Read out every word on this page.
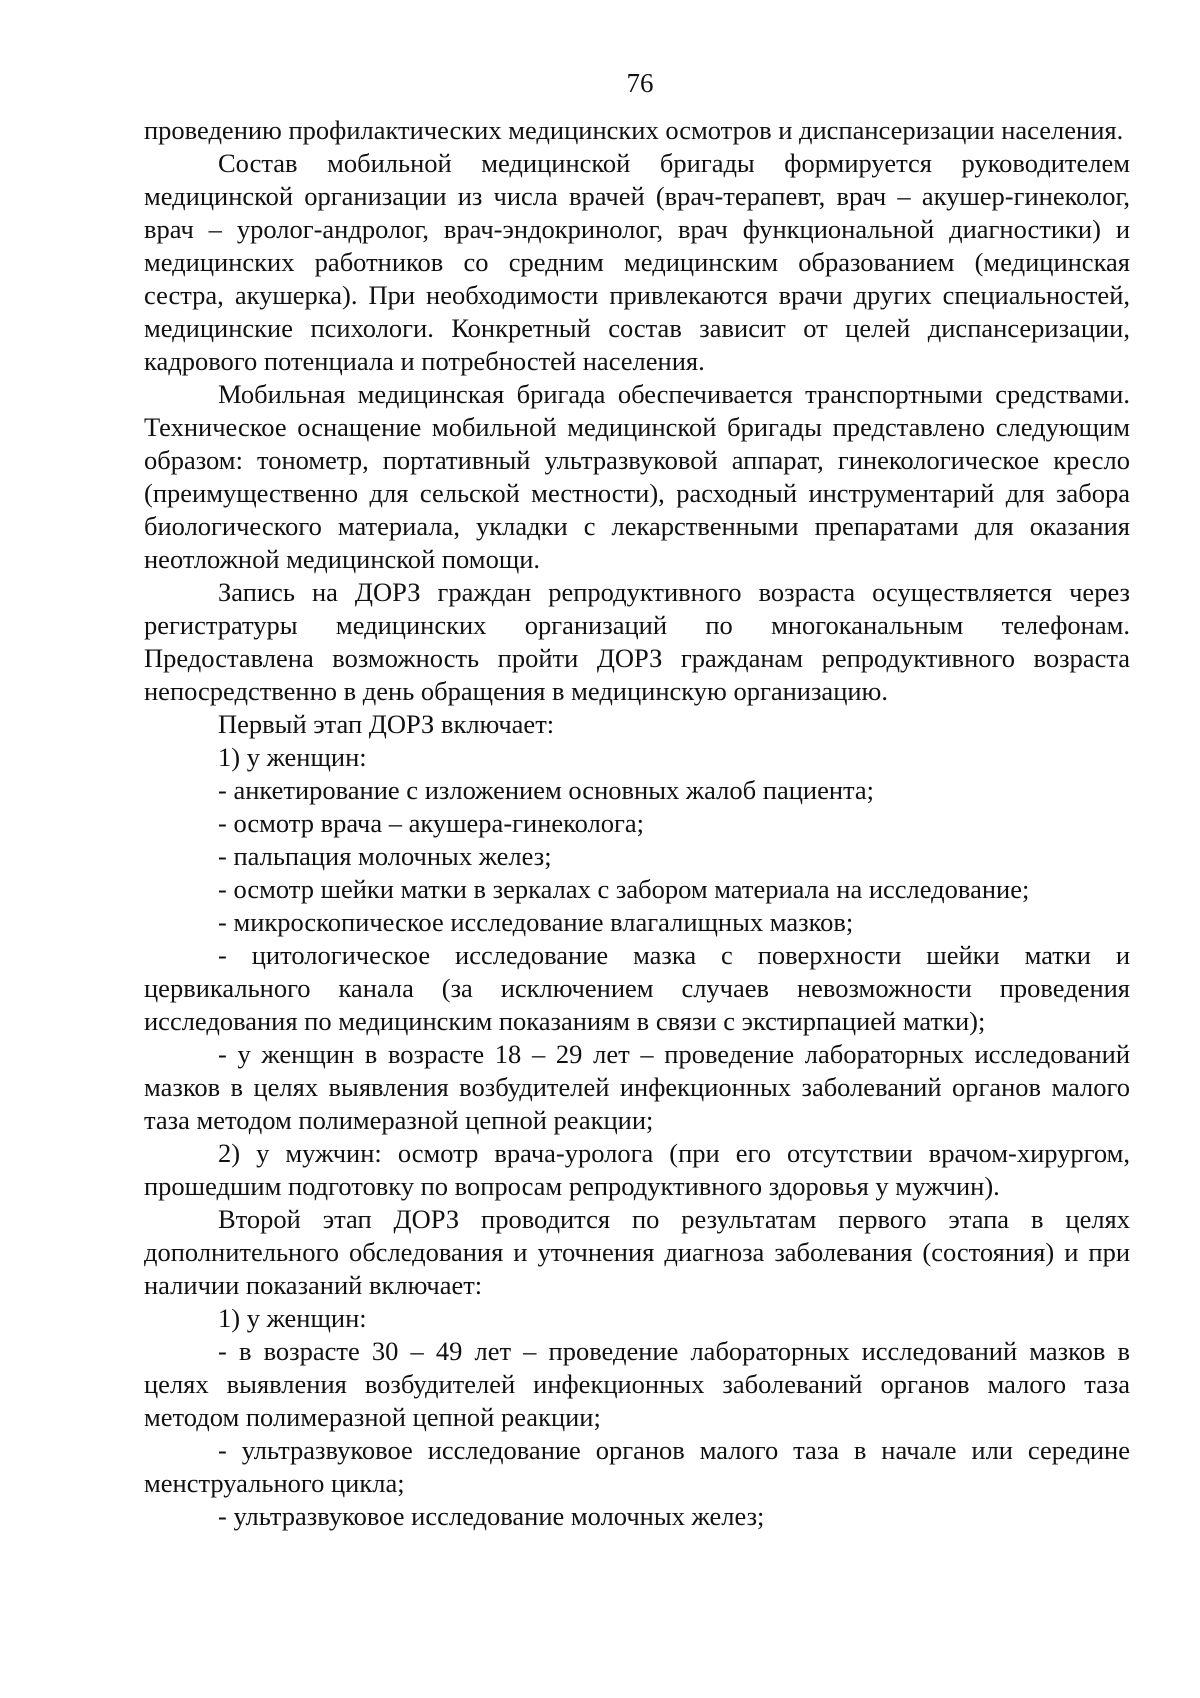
76

проведению профилактических медицинских осмотров и диспансеризации населения.

Состав мобильной медицинской бригады формируется руководителем медицинской организации из числа врачей (врач-терапевт, врач – акушер-гинеколог, врач – уролог-андролог, врач-эндокринолог, врач функциональной диагностики) и медицинских работников со средним медицинским образованием (медицинская сестра, акушерка). При необходимости привлекаются врачи других специальностей, медицинские психологи. Конкретный состав зависит от целей диспансеризации, кадрового потенциала и потребностей населения.

Мобильная медицинская бригада обеспечивается транспортными средствами. Техническое оснащение мобильной медицинской бригады представлено следующим образом: тонометр, портативный ультразвуковой аппарат, гинекологическое кресло (преимущественно для сельской местности), расходный инструментарий для забора биологического материала, укладки с лекарственными препаратами для оказания неотложной медицинской помощи.

Запись на ДОРЗ граждан репродуктивного возраста осуществляется через регистратуры медицинских организаций по многоканальным телефонам. Предоставлена возможность пройти ДОРЗ гражданам репродуктивного возраста непосредственно в день обращения в медицинскую организацию.

Первый этап ДОРЗ включает:

1) у женщин:

- анкетирование с изложением основных жалоб пациента;

- осмотр врача – акушера-гинеколога;

- пальпация молочных желез;

- осмотр шейки матки в зеркалах с забором материала на исследование;

- микроскопическое исследование влагалищных мазков;

- цитологическое исследование мазка с поверхности шейки матки и цервикального канала (за исключением случаев невозможности проведения исследования по медицинским показаниям в связи с экстирпацией матки);

- у женщин в возрасте 18 – 29 лет – проведение лабораторных исследований мазков в целях выявления возбудителей инфекционных заболеваний органов малого таза методом полимеразной цепной реакции;

2) у мужчин: осмотр врача-уролога (при его отсутствии врачом-хирургом, прошедшим подготовку по вопросам репродуктивного здоровья у мужчин).

Второй этап ДОРЗ проводится по результатам первого этапа в целях дополнительного обследования и уточнения диагноза заболевания (состояния) и при наличии показаний включает:

1) у женщин:

- в возрасте 30 – 49 лет – проведение лабораторных исследований мазков в целях выявления возбудителей инфекционных заболеваний органов малого таза методом полимеразной цепной реакции;

- ультразвуковое исследование органов малого таза в начале или середине менструального цикла;

- ультразвуковое исследование молочных желез;
